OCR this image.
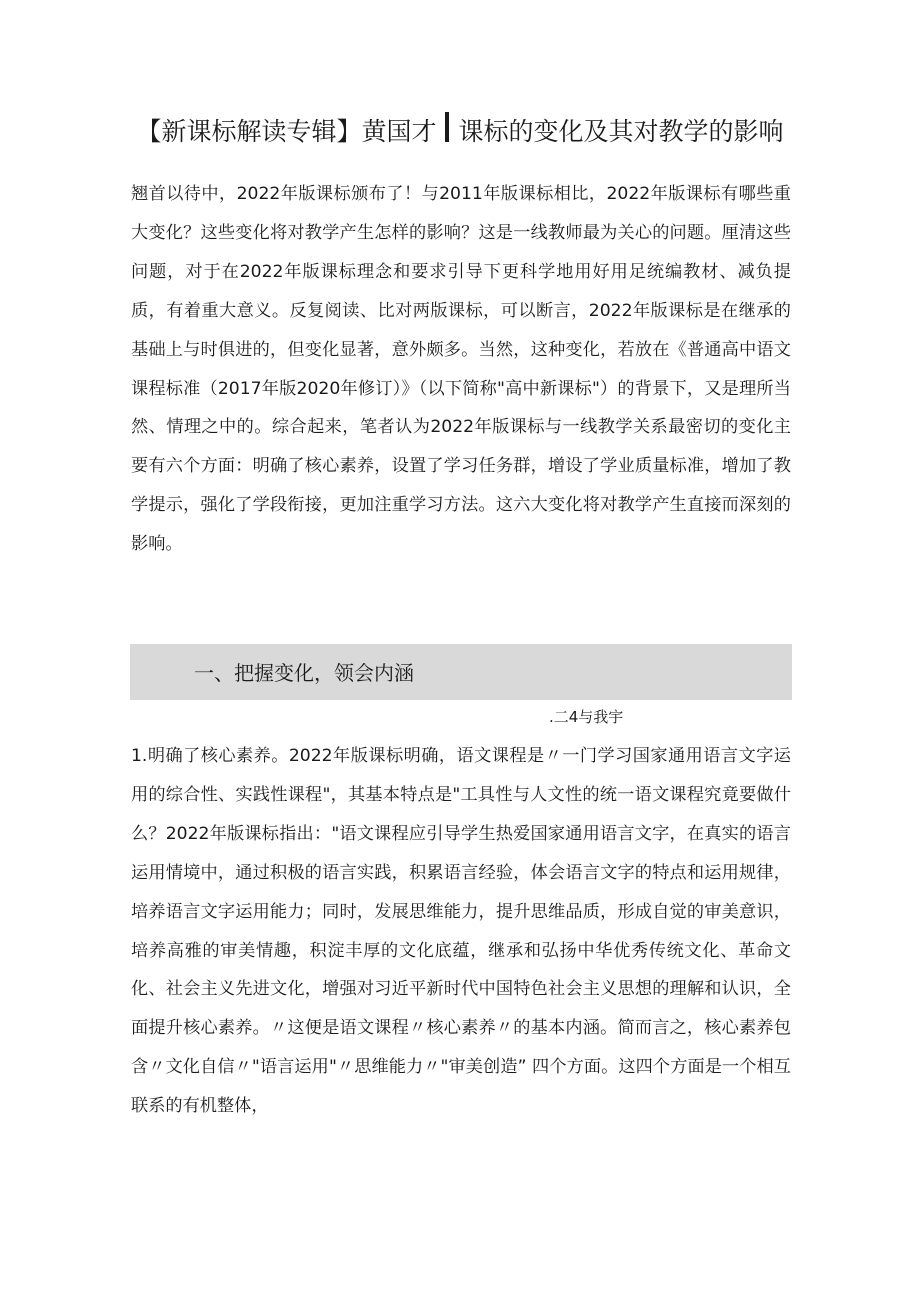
【新课标解读专辑】黄国才 课标的变化及其对教学的影响

翘首以待中，2022年版课标颁布了！与2011年版课标相比，2022年版课标有哪些重大变化？这些变化将对教学产生怎样的影响？这是一线教师最为关心的问题。厘清这些问题，对于在2022年版课标理念和要求引导下更科学地用好用足统编教材、减负提质，有着重大意义。反复阅读、比对两版课标，可以断言，2022年版课标是在继承的基础上与时俱进的，但变化显著，意外颇多。当然，这种变化，若放在《普通高中语文课程标准（2017年版2020年修订）》（以下简称"高中新课标"）的背景下，又是理所当然、情理之中的。综合起来，笔者认为2022年版课标与一线教学关系最密切的变化主要有六个方面：明确了核心素养，设置了学习任务群，增设了学业质量标准，增加了教学提示，强化了学段衔接，更加注重学习方法。这六大变化将对教学产生直接而深刻的影响。

一、把握变化，领会内涵
.二4与我宇

1.明确了核心素养。2022年版课标明确，语文课程是〃一门学习国家通用语言文字运用的综合性、实践性课程"，其基本特点是"工具性与人文性的统一语文课程究竟要做什么？2022年版课标指出："语文课程应引导学生热爱国家通用语言文字，在真实的语言运用情境中，通过积极的语言实践，积累语言经验，体会语言文字的特点和运用规律，培养语言文字运用能力；同时，发展思维能力，提升思维品质，形成自觉的审美意识，培养高雅的审美情趣，积淀丰厚的文化底蕴，继承和弘扬中华优秀传统文化、革命文化、社会主义先进文化，增强对习近平新时代中国特色社会主义思想的理解和认识，全面提升核心素养。〃这便是语文课程〃核心素养〃的基本内涵。简而言之，核心素养包含〃文化自信〃"语言运用"〃思维能力〃"审美创造” 四个方面。这四个方面是一个相互联系的有机整体，
